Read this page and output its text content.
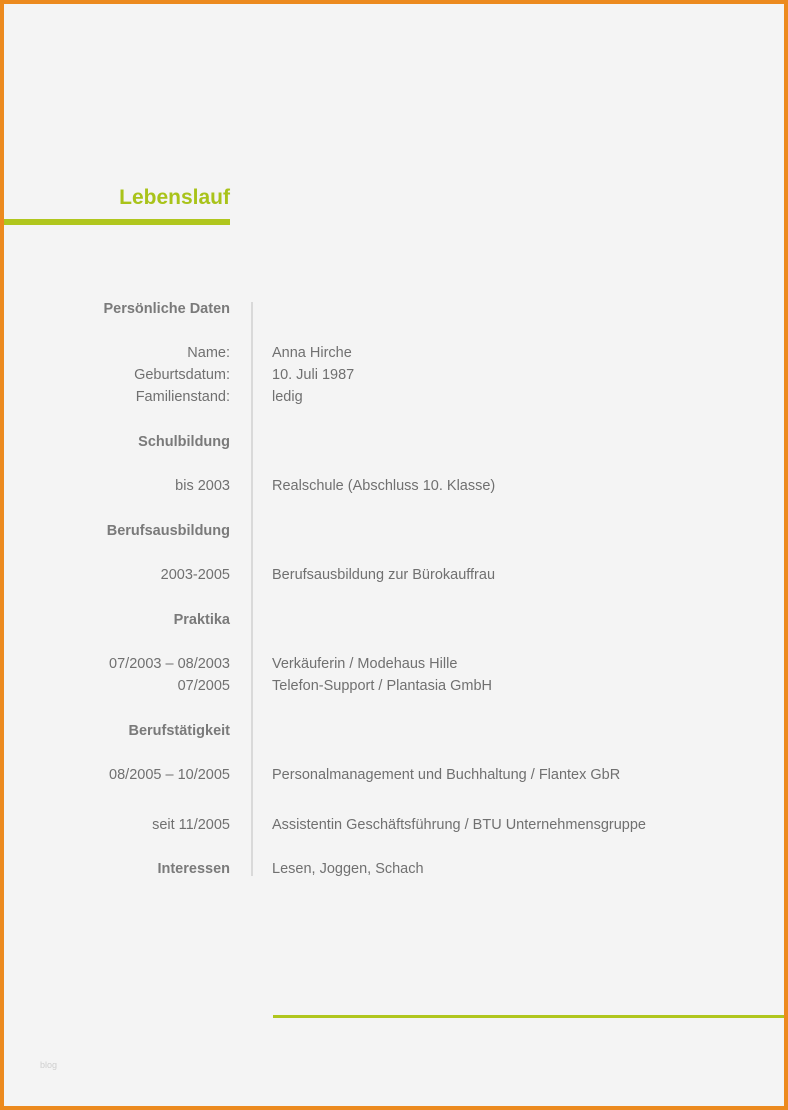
Lebenslauf
Persönliche Daten
Name:	Anna Hirche
Geburtsdatum:	10. Juli 1987
Familienstand:	ledig
Schulbildung
bis 2003	Realschule (Abschluss 10. Klasse)
Berufsausbildung
2003-2005	Berufsausbildung zur Bürokauffrau
Praktika
07/2003 – 08/2003	Verkäuferin / Modehaus Hille
07/2005	Telefon-Support / Plantasia GmbH
Berufstätigkeit
08/2005 – 10/2005	Personalmanagement und Buchhaltung / Flantex GbR
seit 11/2005	Assistentin Geschäftsführung / BTU Unternehmensgruppe
Interessen	Lesen, Joggen, Schach
blog
